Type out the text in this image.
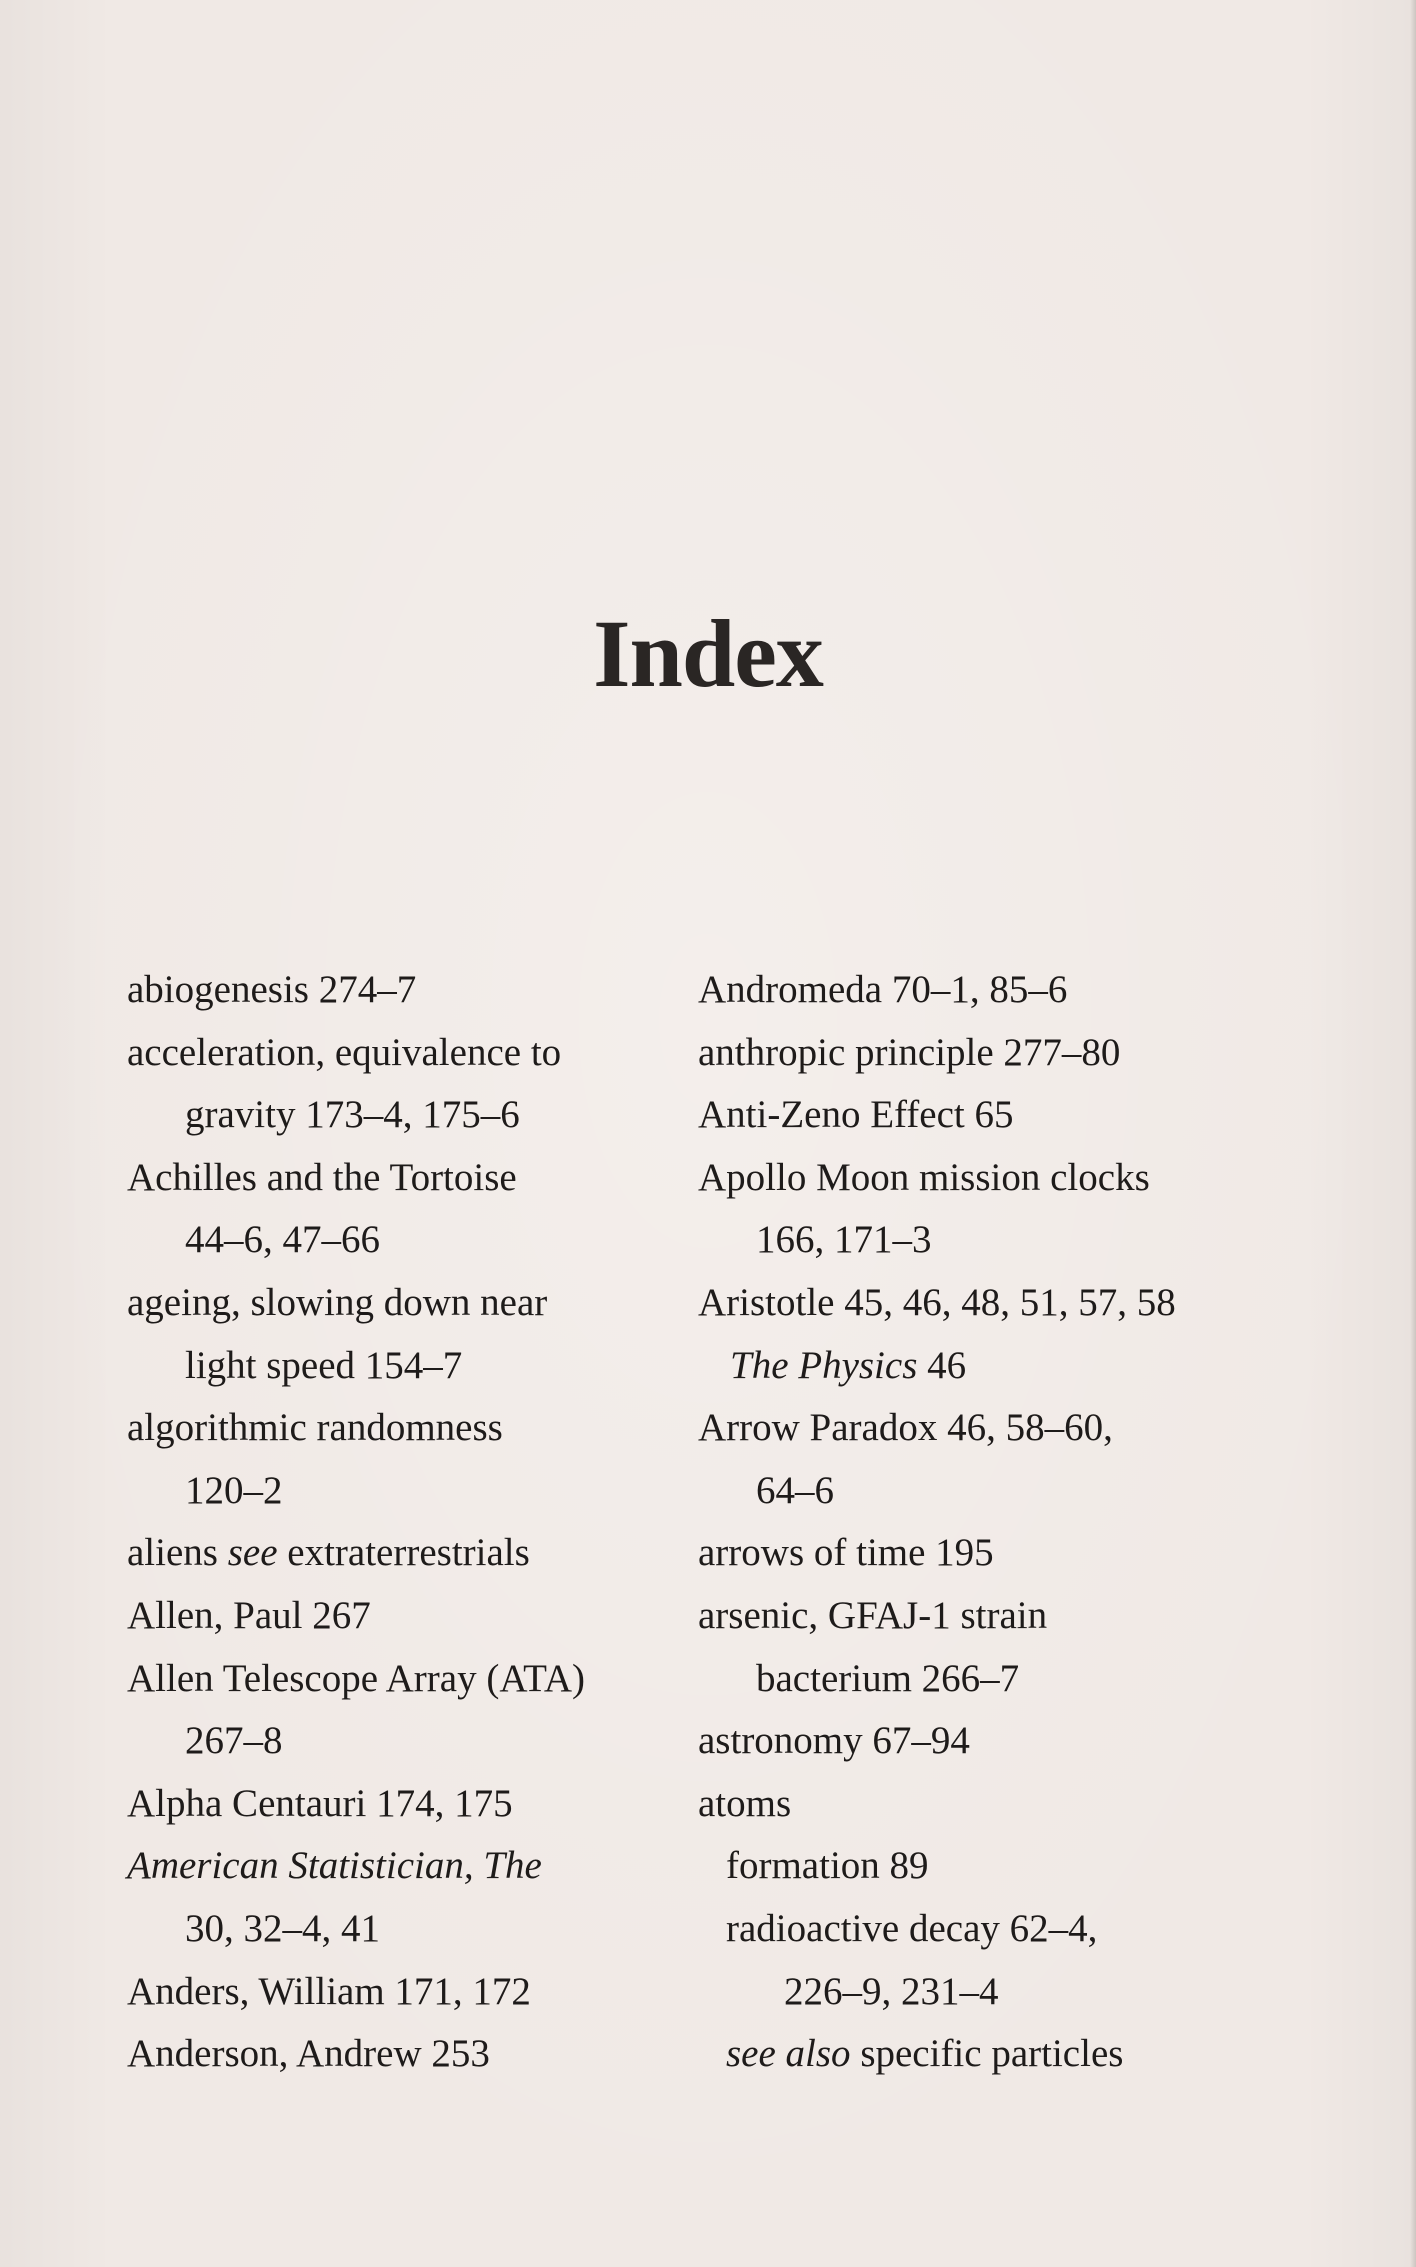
Index
abiogenesis 274–7
acceleration, equivalence to
gravity 173–4, 175–6
Achilles and the Tortoise
44–6, 47–66
ageing, slowing down near
light speed 154–7
algorithmic randomness
120–2
aliens see extraterrestrials
Allen, Paul 267
Allen Telescope Array (ATA)
267–8
Alpha Centauri 174, 175
American Statistician, The
30, 32–4, 41
Anders, William 171, 172
Anderson, Andrew 253
Andromeda 70–1, 85–6
anthropic principle 277–80
Anti-Zeno Effect 65
Apollo Moon mission clocks
166, 171–3
Aristotle 45, 46, 48, 51, 57, 58
The Physics 46
Arrow Paradox 46, 58–60,
64–6
arrows of time 195
arsenic, GFAJ-1 strain
bacterium 266–7
astronomy 67–94
atoms
formation 89
radioactive decay 62–4,
226–9, 231–4
see also specific particles
